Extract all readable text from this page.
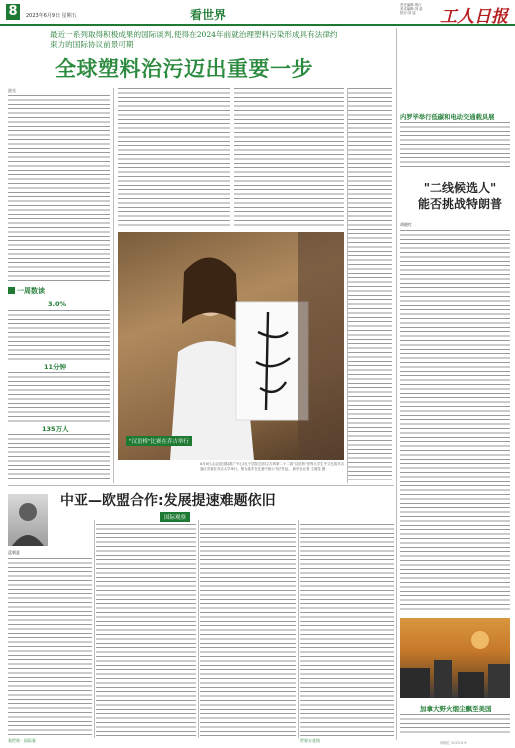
8	2023年6月9日 星期五	看世界
责任编辑:胡行
美术编辑:刘 骁
校对:刘 骁	工人日报
最近一系列取得积极成果的国际谈判,使得在2024年前就治理塑料污染形成具有法律约束力的国际协议前景可期
全球塑料治污迈出重要一步
波光
一周数读
3.0%
11分钟
135万人
"汉语桥"比赛在乔吉举行
6月8日,由汉语国际推广中心(孔子学院总部)主办的第二十二届"汉语桥"世界大学生中文比赛乔吉赛区决赛在乔吉大学举行。图为选手在比赛中展示书法作品。 新华社记者 王湘龙 摄
内罗毕举行低碳和电动交通载具展
"二线候选人"
能否挑战特朗普
胡晓红
加拿大野火烟尘飘至美国
中亚—欧盟合作:发展提速难题依旧
国际观察
蓝朝夏
看世界 · 国际看	世界万花筒	胡晓红 2023 6 9
